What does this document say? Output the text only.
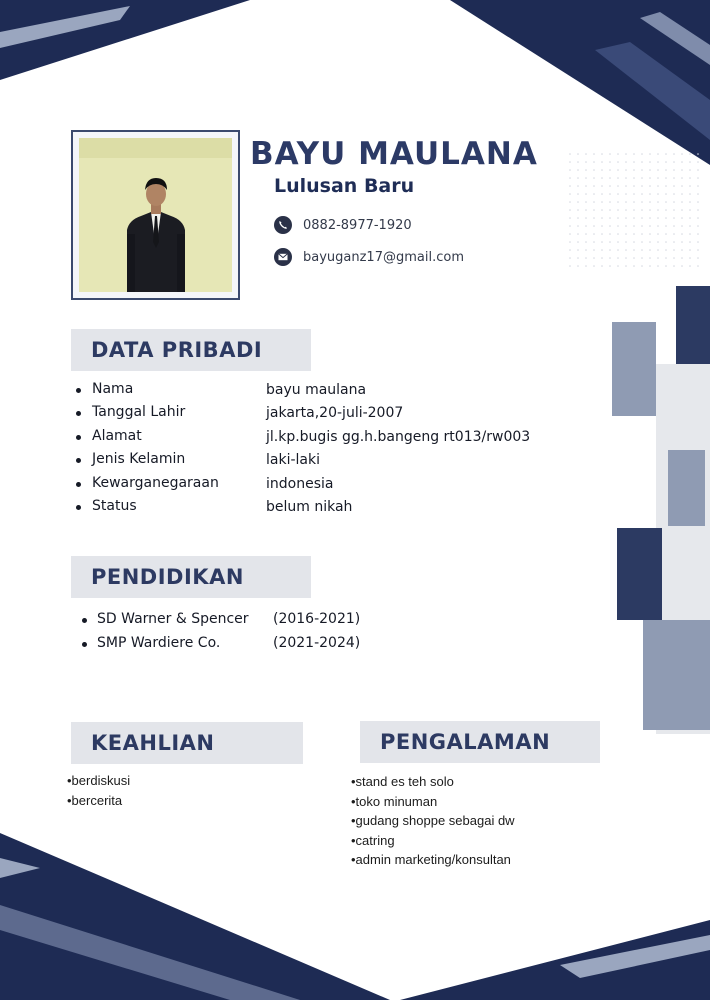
BAYU MAULANA
Lulusan Baru
0882-8977-1920
bayuganz17@gmail.com
DATA PRIBADI
Nama	bayu maulana
Tanggal Lahir	jakarta,20-juli-2007
Alamat	jl.kp.bugis gg.h.bangeng rt013/rw003
Jenis Kelamin	laki-laki
Kewarganegaraan	indonesia
Status	belum nikah
PENDIDIKAN
SD Warner & Spencer (2016-2021)
SMP Wardiere Co.	(2021-2024)
KEAHLIAN
•berdiskusi
•bercerita
PENGALAMAN
•stand es teh solo
•toko minuman
•gudang shoppe sebagai dw
•catring
•admin marketing/konsultan
